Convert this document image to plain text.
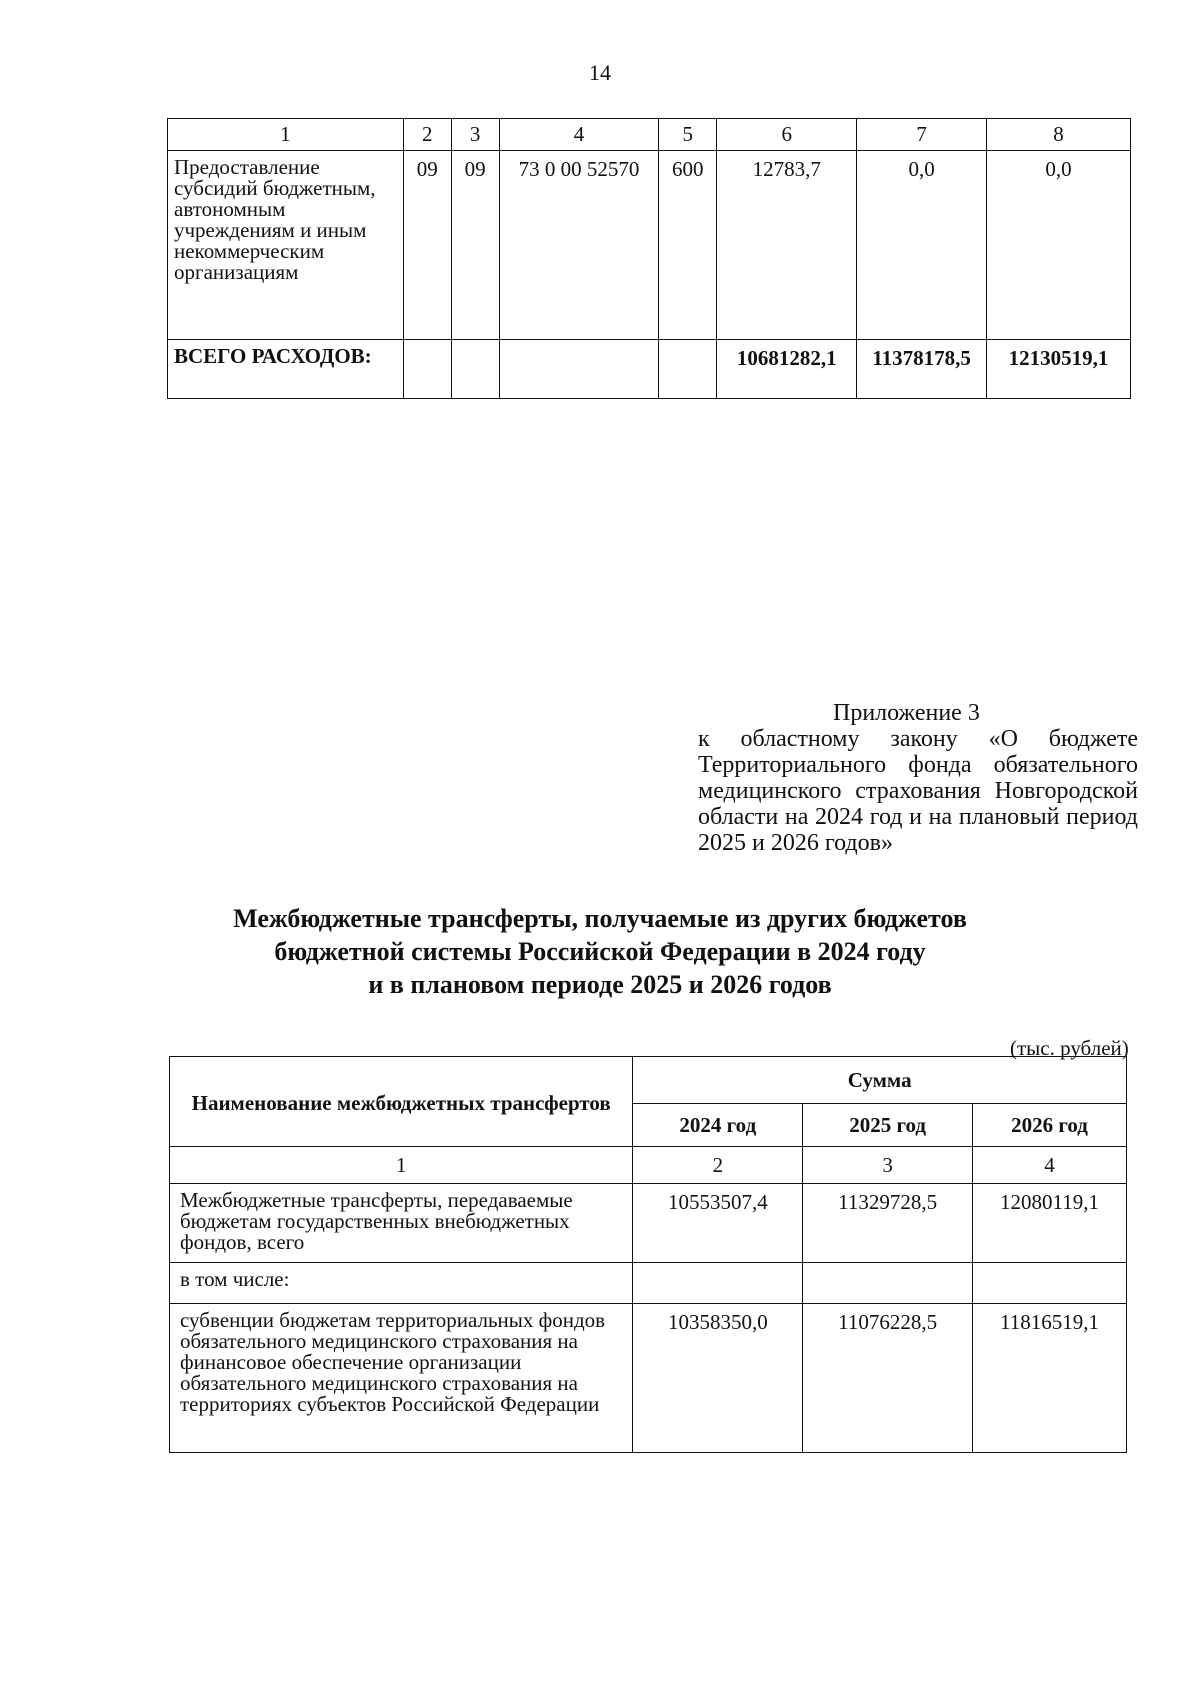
14
1	2	3	4	5	6	7	8
Предоставление субсидий бюджетным, автономным учреждениям и иным некоммерческим организациям	09	09	73 0 00 52570	600	12783,7	0,0	0,0
ВСЕГО РАСХОДОВ:					10681282,1	11378178,5	12130519,1
Приложение 3
к областному закону «О бюджете Территориального фонда обязательного медицинского страхования Новгородской области на 2024 год и на плановый период 2025 и 2026 годов»
Межбюджетные трансферты, получаемые из других бюджетов
бюджетной системы Российской Федерации в 2024 году
и в плановом периоде 2025 и 2026 годов
(тыс. рублей)
Наименование межбюджетных трансфертов	Сумма		
	2024 год	2025 год	2026 год
1	2	3	4
Межбюджетные трансферты, передаваемые бюджетам государственных внебюджетных фондов, всего	10553507,4	11329728,5	12080119,1
в том числе:			
субвенции бюджетам территориальных фондов обязательного медицинского страхования на финансовое обеспечение организации обязательного медицинского страхования на территориях субъектов Российской Федерации	10358350,0	11076228,5	11816519,1
